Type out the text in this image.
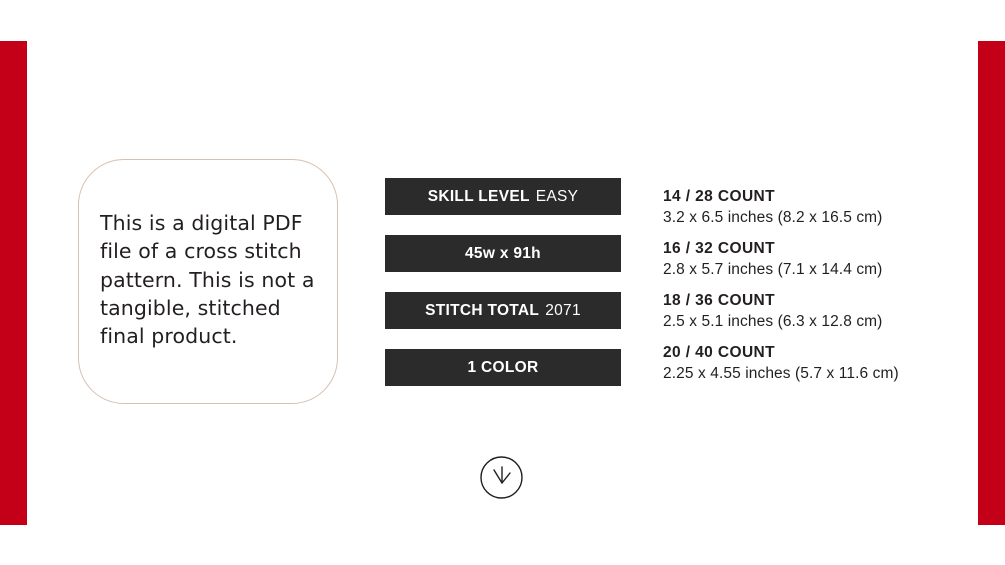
This is a digital PDF file of a cross stitch pattern. This is not a tangible, stitched final product.
SKILL LEVEL EASY
45w x 91h
STITCH TOTAL 2071
1 COLOR
14 / 28 COUNT
3.2 x 6.5 inches (8.2 x 16.5 cm)
16 / 32 COUNT
2.8 x 5.7 inches (7.1 x 14.4 cm)
18 / 36 COUNT
2.5 x 5.1 inches (6.3 x 12.8 cm)
20 / 40 COUNT
2.25 x 4.55 inches (5.7 x 11.6 cm)
